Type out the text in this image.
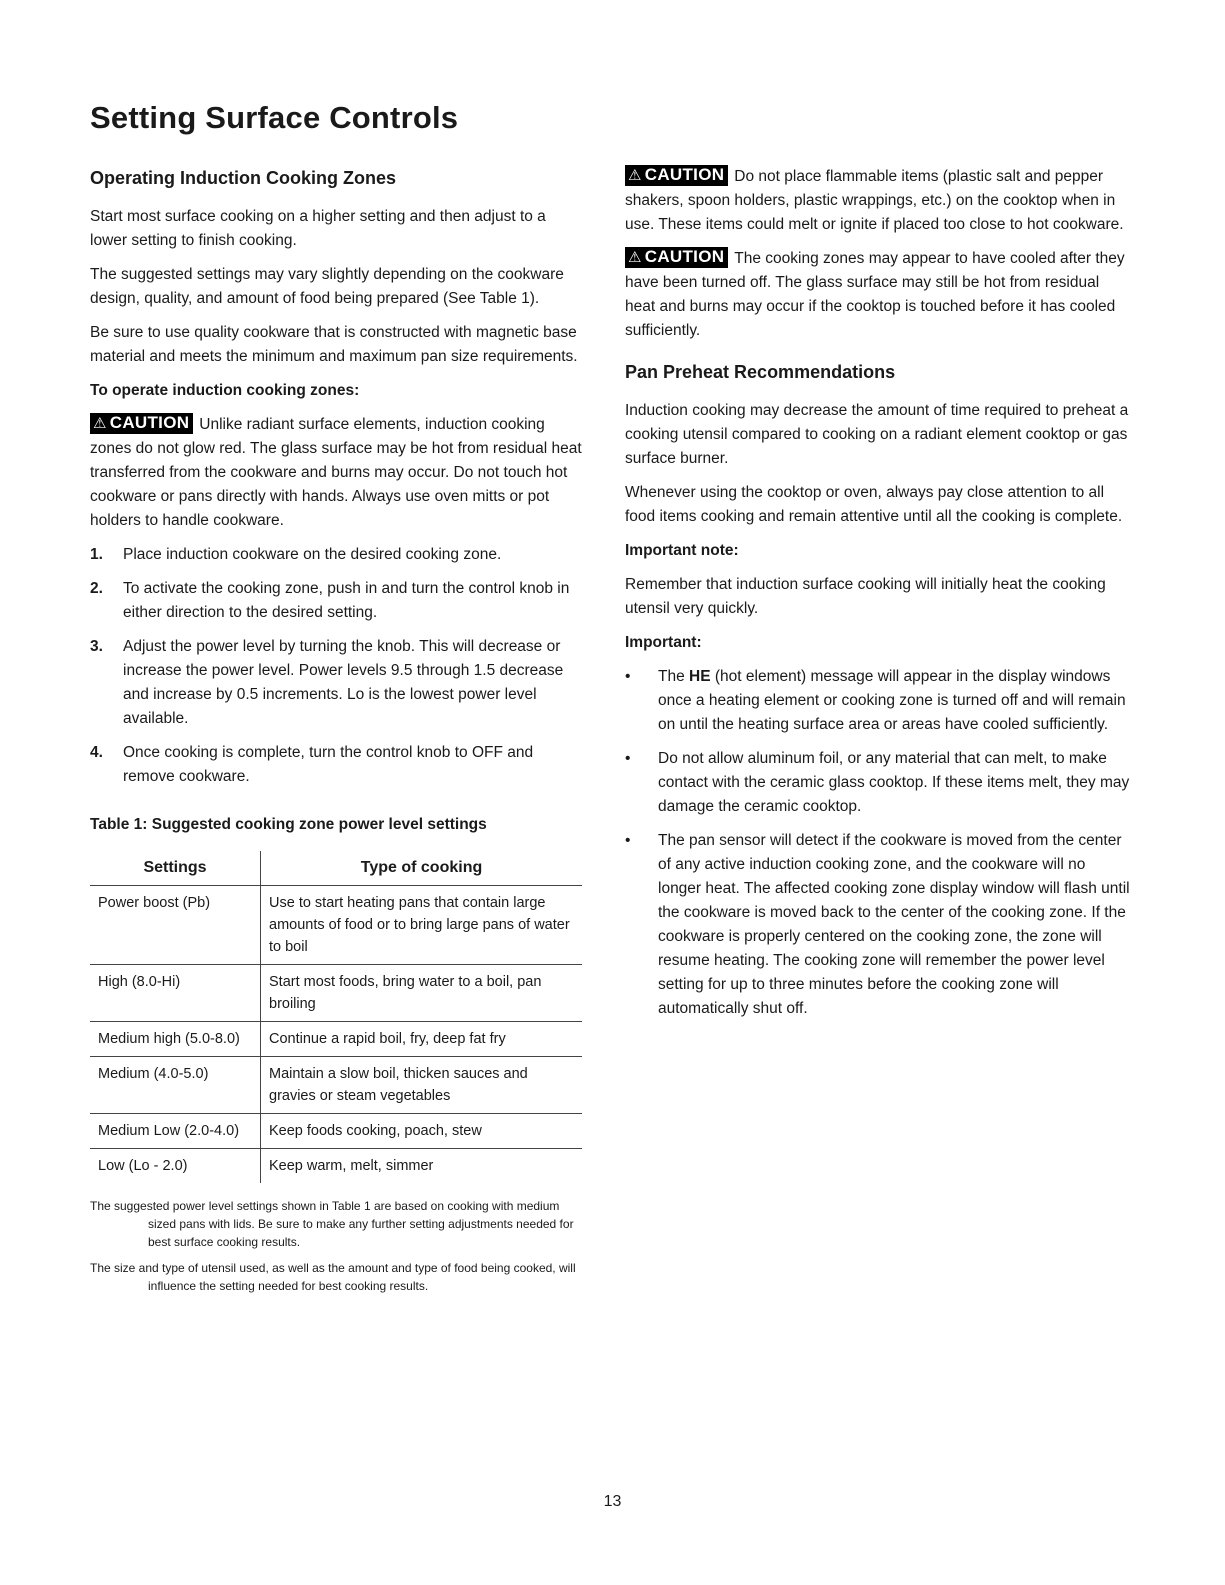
Setting Surface Controls
Operating Induction Cooking Zones

Start most surface cooking on a higher setting and then adjust to a lower setting to finish cooking.

The suggested settings may vary slightly depending on the cookware design, quality, and amount of food being prepared (See Table 1).

Be sure to use quality cookware that is constructed with magnetic base material and meets the minimum and maximum pan size requirements.

To operate induction cooking zones:

⚠ CAUTION Unlike radiant surface elements, induction cooking zones do not glow red. The glass surface may be hot from residual heat transferred from the cookware and burns may occur. Do not touch hot cookware or pans directly with hands. Always use oven mitts or pot holders to handle cookware.

1. Place induction cookware on the desired cooking zone.
2. To activate the cooking zone, push in and turn the control knob in either direction to the desired setting.
3. Adjust the power level by turning the knob. This will decrease or increase the power level. Power levels 9.5 through 1.5 decrease and increase by 0.5 increments. Lo is the lowest power level available.
4. Once cooking is complete, turn the control knob to OFF and remove cookware.
Table 1: Suggested cooking zone power level settings
Settings	Type of cooking
Power boost (Pb)	Use to start heating pans that contain large amounts of food or to bring large pans of water to boil
High (8.0-Hi)	Start most foods, bring water to a boil, pan broiling
Medium high (5.0-8.0)	Continue a rapid boil, fry, deep fat fry
Medium (4.0-5.0)	Maintain a slow boil, thicken sauces and gravies or steam vegetables
Medium Low (2.0-4.0)	Keep foods cooking, poach, stew
Low (Lo - 2.0)	Keep warm, melt, simmer

The suggested power level settings shown in Table 1 are based on cooking with medium sized pans with lids. Be sure to make any further setting adjustments needed for best surface cooking results.

The size and type of utensil used, as well as the amount and type of food being cooked, will influence the setting needed for best cooking results.

⚠ CAUTION Do not place flammable items (plastic salt and pepper shakers, spoon holders, plastic wrappings, etc.) on the cooktop when in use. These items could melt or ignite if placed too close to hot cookware.

⚠ CAUTION The cooking zones may appear to have cooled after they have been turned off. The glass surface may still be hot from residual heat and burns may occur if the cooktop is touched before it has cooled sufficiently.

Pan Preheat Recommendations

Induction cooking may decrease the amount of time required to preheat a cooking utensil compared to cooking on a radiant element cooktop or gas surface burner.

Whenever using the cooktop or oven, always pay close attention to all food items cooking and remain attentive until all the cooking is complete.

Important note:

Remember that induction surface cooking will initially heat the cooking utensil very quickly.

Important:
• The HE (hot element) message will appear in the display windows once a heating element or cooking zone is turned off and will remain on until the heating surface area or areas have cooled sufficiently.
• Do not allow aluminum foil, or any material that can melt, to make contact with the ceramic glass cooktop. If these items melt, they may damage the ceramic cooktop.
• The pan sensor will detect if the cookware is moved from the center of any active induction cooking zone, and the cookware will no longer heat. The affected cooking zone display window will flash until the cookware is moved back to the center of the cooking zone. If the cookware is properly centered on the cooking zone, the zone will resume heating. The cooking zone will remember the power level setting for up to three minutes before the cooking zone will automatically shut off.
13
